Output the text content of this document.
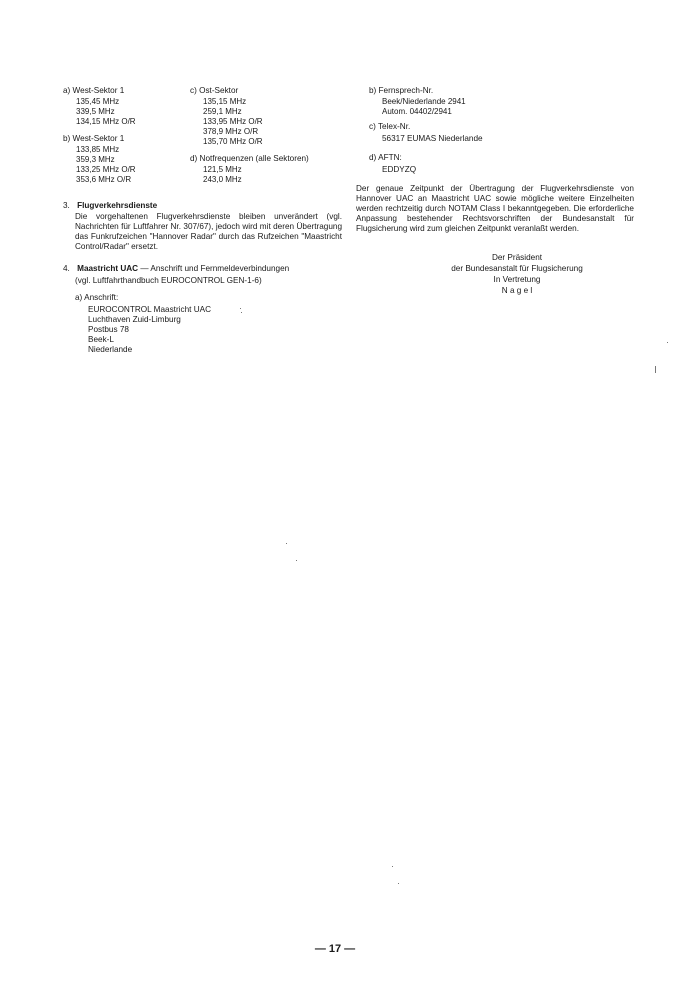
a) West-Sektor 1
135,45 MHz
339,5 MHz
134,15 MHz O/R
b) West-Sektor 1
133,85 MHz
359,3 MHz
133,25 MHz O/R
353,6 MHz O/R
3. Flugverkehrsdienste
Die vorgehaltenen Flugverkehrsdienste bleiben unverändert (vgl. Nachrichten für Luftfahrer Nr. 307/67), jedoch wird mit deren Übertragung das Funkrufzeichen "Hannover Radar" durch das Rufzeichen "Maastricht Control/Radar" ersetzt.
4. Maastricht UAC — Anschrift und Fernmeldeverbindungen
(vgl. Luftfahrthandbuch EUROCONTROL GEN-1-6)
a) Anschrift:
EUROCONTROL Maastricht UAC
Luchthaven Zuid-Limburg
Postbus 78
Beek-L
Niederlande
c) Ost-Sektor
135,15 MHz
259,1 MHz
133,95 MHz O/R
378,9 MHz O/R
135,70 MHz O/R
d) Notfrequenzen (alle Sektoren)
121,5 MHz
243,0 MHz
b) Fernsprech-Nr.
Beek/Niederlande 2941
Autom. 04402/2941
c) Telex-Nr.
56317 EUMAS Niederlande
d) AFTN:
EDDYZQ
Der genaue Zeitpunkt der Übertragung der Flugverkehrsdienste von Hannover UAC an Maastricht UAC sowie mögliche weitere Einzelheiten werden rechtzeitig durch NOTAM Class I bekanntgegeben. Die erforderliche Anpassung bestehender Rechtsvorschriften der Bundesanstalt für Flugsicherung wird zum gleichen Zeitpunkt veranlaßt werden.
Der Präsident
der Bundesanstalt für Flugsicherung
In Vertretung
N a g e l
— 17 —
